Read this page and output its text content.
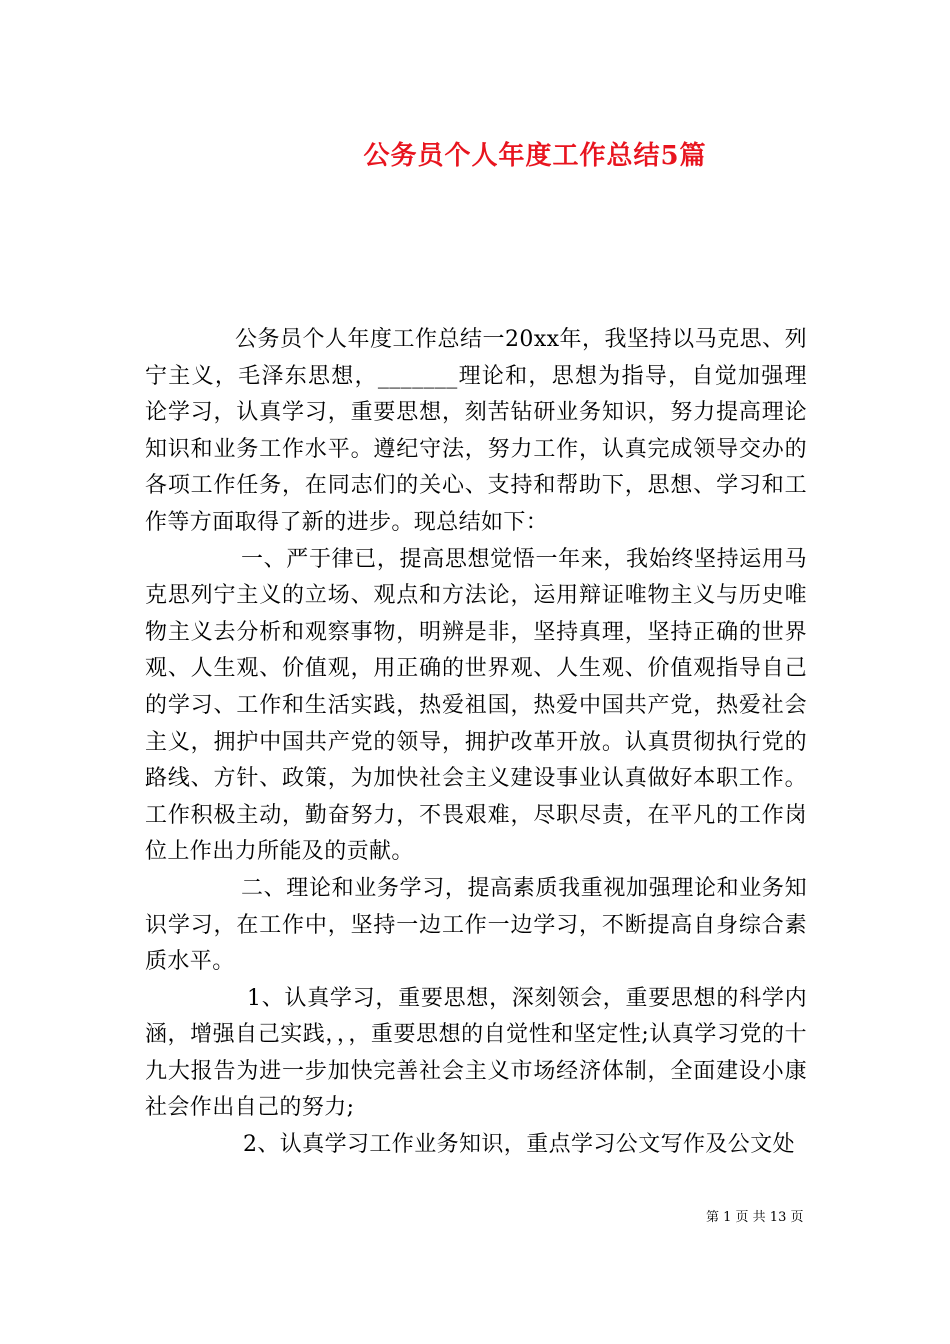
公务员个人年度工作总结5篇

公务员个人年度工作总结一20xx年，我坚持以马克思、列宁主义，毛泽东思想，_______理论和，思想为指导，自觉加强理论学习，认真学习，重要思想，刻苦钻研业务知识，努力提高理论知识和业务工作水平。遵纪守法，努力工作，认真完成领导交办的各项工作任务，在同志们的关心、支持和帮助下，思想、学习和工作等方面取得了新的进步。现总结如下：

一、严于律已，提高思想觉悟一年来，我始终坚持运用马克思列宁主义的立场、观点和方法论，运用辩证唯物主义与历史唯物主义去分析和观察事物，明辨是非，坚持真理，坚持正确的世界观、人生观、价值观，用正确的世界观、人生观、价值观指导自己的学习、工作和生活实践，热爱祖国，热爱中国共产党，热爱社会主义，拥护中国共产党的领导，拥护改革开放。认真贯彻执行党的路线、方针、政策，为加快社会主义建设事业认真做好本职工作。工作积极主动，勤奋努力，不畏艰难，尽职尽责，在平凡的工作岗位上作出力所能及的贡献。

二、理论和业务学习，提高素质我重视加强理论和业务知识学习，在工作中，坚持一边工作一边学习，不断提高自身综合素质水平。

1、认真学习，重要思想，深刻领会，重要思想的科学内涵，增强自己实践，，，重要思想的自觉性和坚定性;认真学习党的十九大报告为进一步加快完善社会主义市场经济体制，全面建设小康社会作出自己的努力;

2、认真学习工作业务知识，重点学习公文写作及公文处

第 1 页 共 13 页
